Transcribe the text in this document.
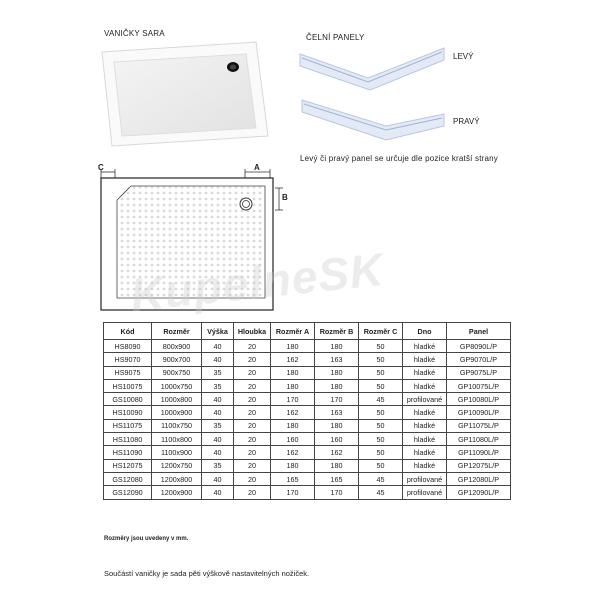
VANIČKY SARA	ČELNÍ PANELY
LEVÝ
PRAVÝ
Levý či pravý panel se určuje dle pozice kratší strany
C	A
B
KupelneSK
Kód	Rozměr	Výška	Hloubka	Rozměr A	Rozměr B	Rozměr C	Dno	Panel
HS8090	800x900	40	20	180	180	50	hladké	GP8090L/P
HS9070	900x700	40	20	162	163	50	hladké	GP9070L/P
HS9075	900x750	35	20	180	180	50	hladké	GP9075L/P
HS10075	1000x750	35	20	180	180	50	hladké	GP10075L/P
GS10080	1000x800	40	20	170	170	45	profilované	GP10080L/P
HS10090	1000x900	40	20	162	163	50	hladké	GP10090L/P
HS11075	1100x750	35	20	180	180	50	hladké	GP11075L/P
HS11080	1100x800	40	20	160	160	50	hladké	GP11080L/P
HS11090	1100x900	40	20	162	162	50	hladké	GP11090L/P
HS12075	1200x750	35	20	180	180	50	hladké	GP12075L/P
GS12080	1200x800	40	20	165	165	45	profilované	GP12080L/P
GS12090	1200x900	40	20	170	170	45	profilované	GP12090L/P
Rozměry jsou uvedeny v mm.
Součástí vaničky je sada pěti výškově nastavitelných nožiček.
